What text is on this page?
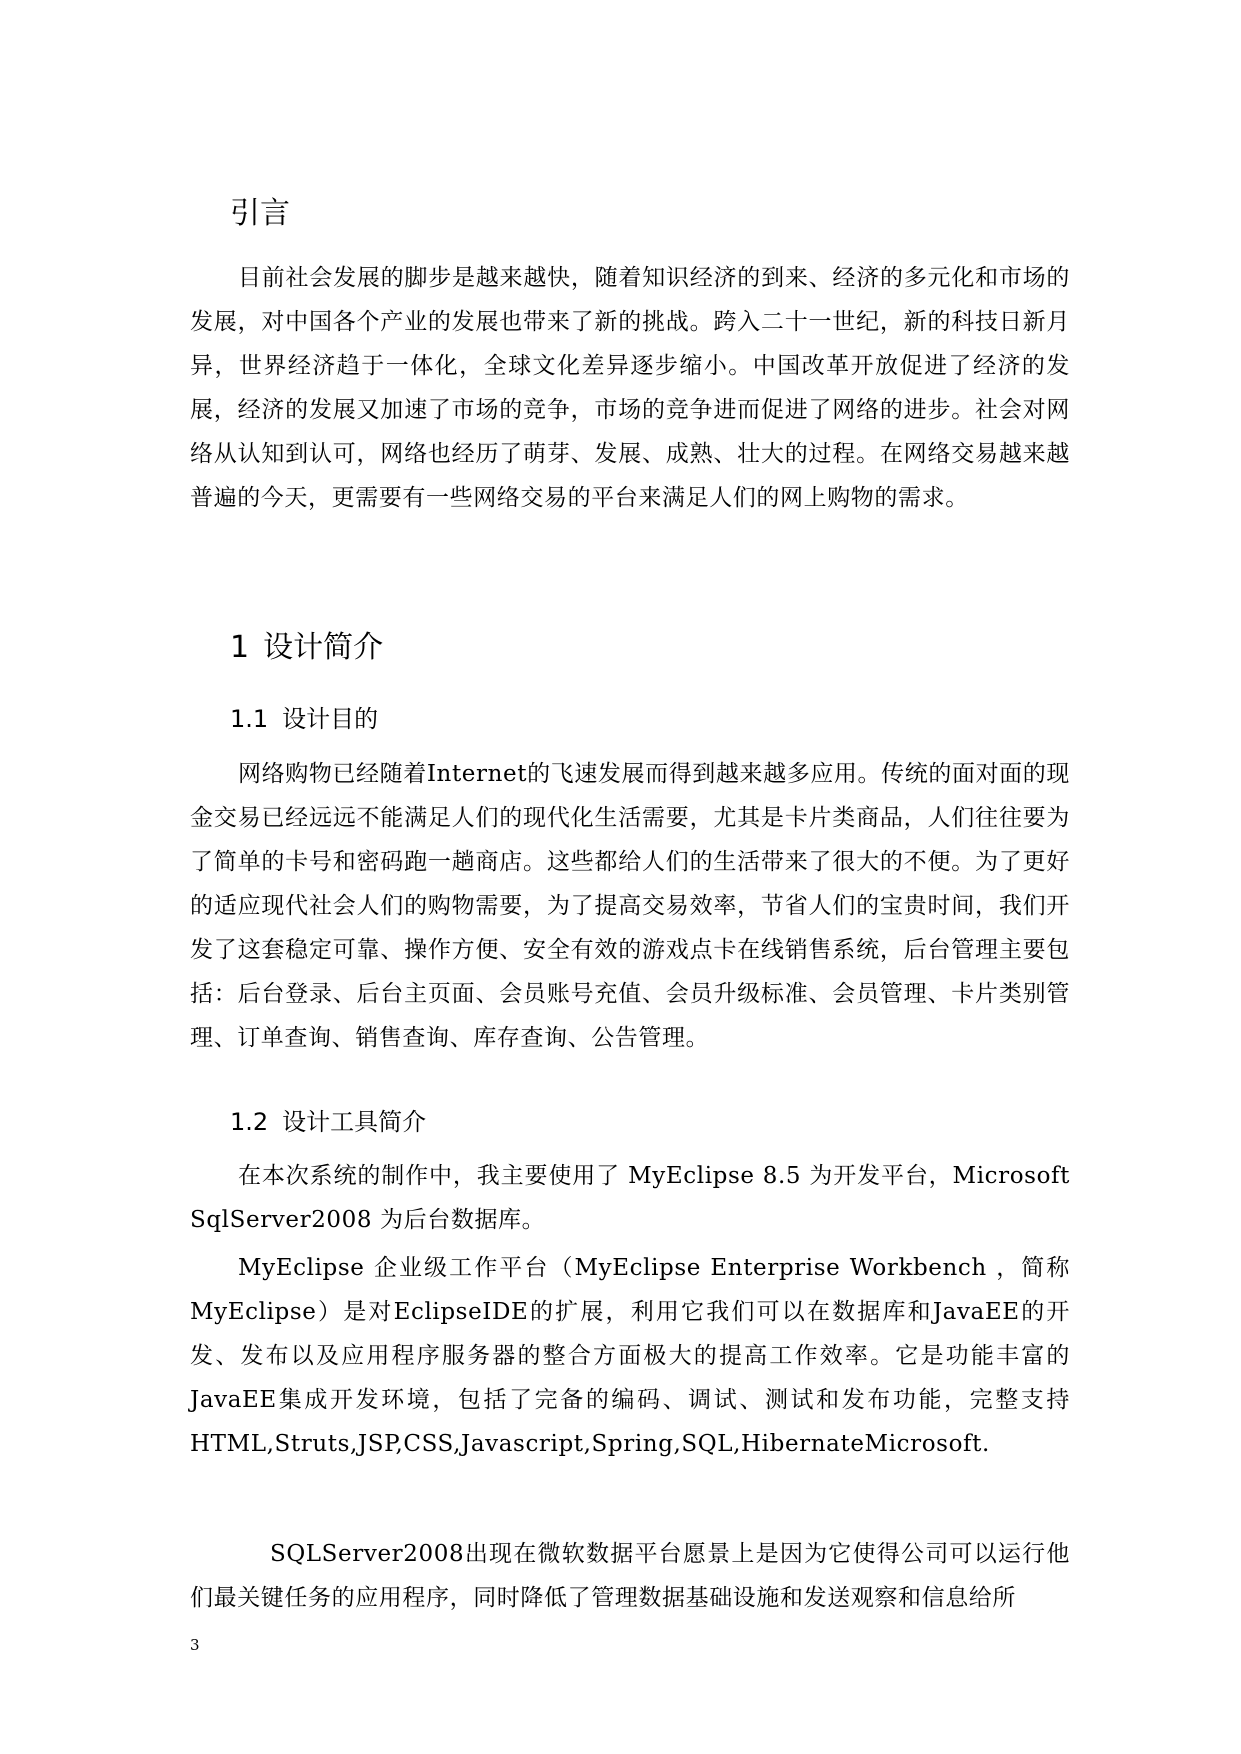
引言

目前社会发展的脚步是越来越快，随着知识经济的到来、经济的多元化和市场的发展，对中国各个产业的发展也带来了新的挑战。跨入二十一世纪，新的科技日新月异，世界经济趋于一体化，全球文化差异逐步缩小。中国改革开放促进了经济的发展，经济的发展又加速了市场的竞争，市场的竞争进而促进了网络的进步。社会对网络从认知到认可，网络也经历了萌芽、发展、成熟、壮大的过程。在网络交易越来越普遍的今天，更需要有一些网络交易的平台来满足人们的网上购物的需求。

1 设计简介
1.1 设计目的

网络购物已经随着Internet的飞速发展而得到越来越多应用。传统的面对面的现金交易已经远远不能满足人们的现代化生活需要，尤其是卡片类商品，人们往往要为了简单的卡号和密码跑一趟商店。这些都给人们的生活带来了很大的不便。为了更好的适应现代社会人们的购物需要，为了提高交易效率，节省人们的宝贵时间，我们开发了这套稳定可靠、操作方便、安全有效的游戏点卡在线销售系统，后台管理主要包括：后台登录、后台主页面、会员账号充值、会员升级标准、会员管理、卡片类别管理、订单查询、销售查询、库存查询、公告管理。

1.2 设计工具简介

在本次系统的制作中，我主要使用了 MyEclipse 8.5 为开发平台，Microsoft SqlServer2008 为后台数据库。

MyEclipse 企业级工作平台（MyEclipse Enterprise Workbench ，简称MyEclipse）是对EclipseIDE的扩展，利用它我们可以在数据库和JavaEE的开发、发布以及应用程序服务器的整合方面极大的提高工作效率。它是功能丰富的JavaEE集成开发环境，包括了完备的编码、调试、测试和发布功能，完整支持HTML,Struts,JSP,CSS,Javascript,Spring,SQL,HibernateMicrosoft.

SQLServer2008出现在微软数据平台愿景上是因为它使得公司可以运行他们最关键任务的应用程序，同时降低了管理数据基础设施和发送观察和信息给所

3
